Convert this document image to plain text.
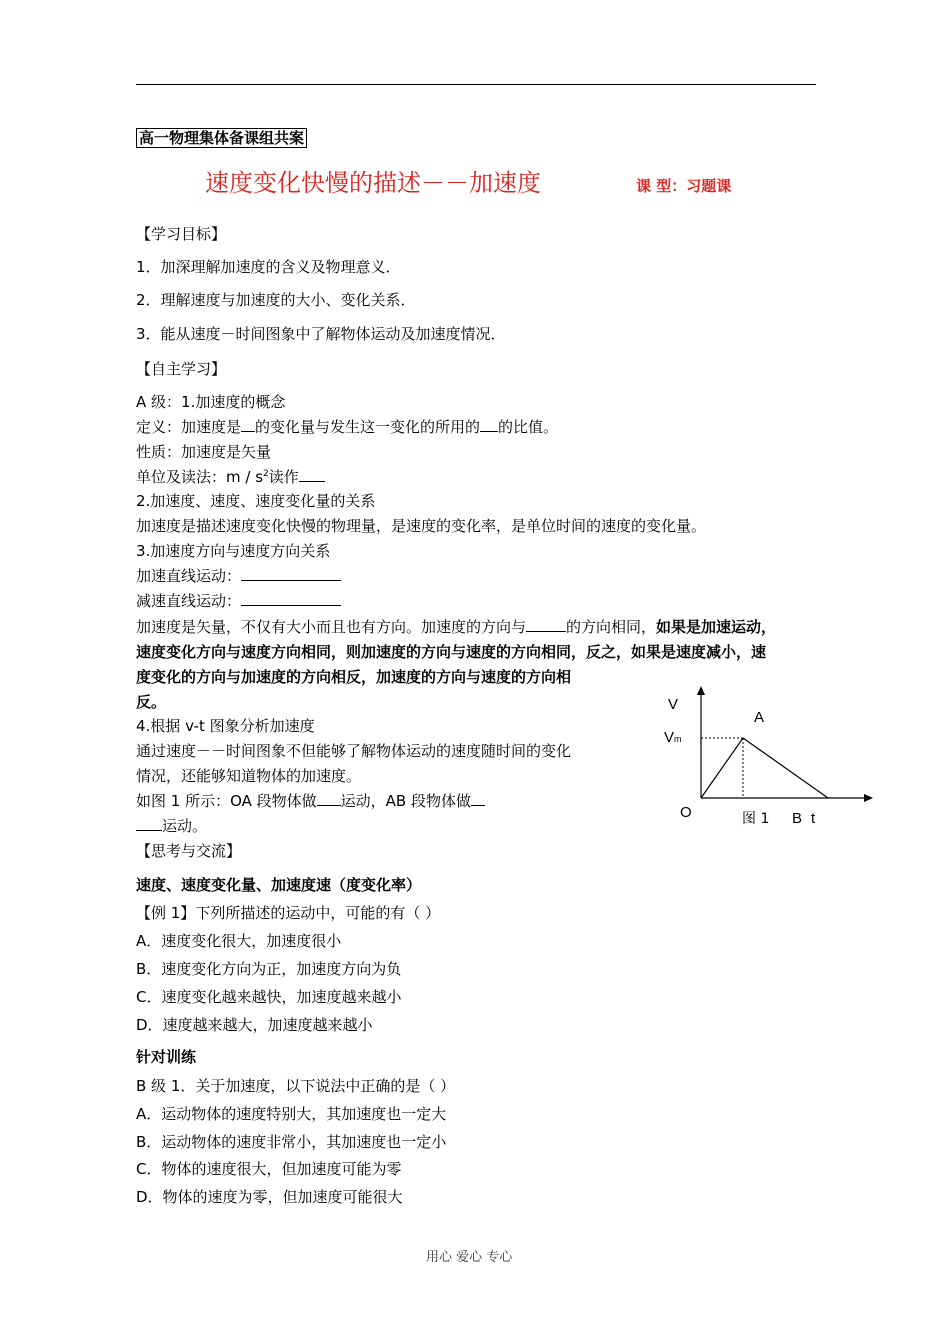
高一物理集体备课组共案
速度变化快慢的描述－－加速度	课 型：习题课
【学习目标】
1．加深理解加速度的含义及物理意义．
2．理解速度与加速度的大小、变化关系．
3．能从速度－时间图象中了解物体运动及加速度情况．
【自主学习】
A 级：1.加速度的概念
定义：加速度是 的变化量与发生这一变化的所用的 的比值。
性质：加速度是矢量
单位及读法：m / $s^2$读作
2.加速度、速度、速度变化量的关系
加速度是描述速度变化快慢的物理量，是速度的变化率，是单位时间的速度的变化量。
3.加速度方向与速度方向关系
加速直线运动：
减速直线运动：
加速度是矢量，不仅有大小而且也有方向。加速度的方向与	的方向相同，如果是加速运动，
速度变化方向与速度方向相同，则加速度的方向与速度的方向相同，反之，如果是速度减小，速
度变化的方向与加速度的方向相反，加速度的方向与速度的方向相
反。
4.根据 v-t 图象分析加速度
通过速度－－时间图象不但能够了解物体运动的速度随时间的变化
情况，还能够知道物体的加速度。
如图 1 所示：OA 段物体做 运动，AB 段物体做
运动。
V
A
Vm
O	图 1 B t
【思考与交流】
速度、速度变化量、加速度速（度变化率）
【例 1】下列所描述的运动中，可能的有（ ）
A．速度变化很大，加速度很小
B．速度变化方向为正，加速度方向为负
C．速度变化越来越快，加速度越来越小
D．速度越来越大，加速度越来越小
针对训练
B 级 1．关于加速度，以下说法中正确的是（ ）
A．运动物体的速度特别大，其加速度也一定大
B．运动物体的速度非常小，其加速度也一定小
C．物体的速度很大，但加速度可能为零
D．物体的速度为零，但加速度可能很大
用心 爱心 专心
